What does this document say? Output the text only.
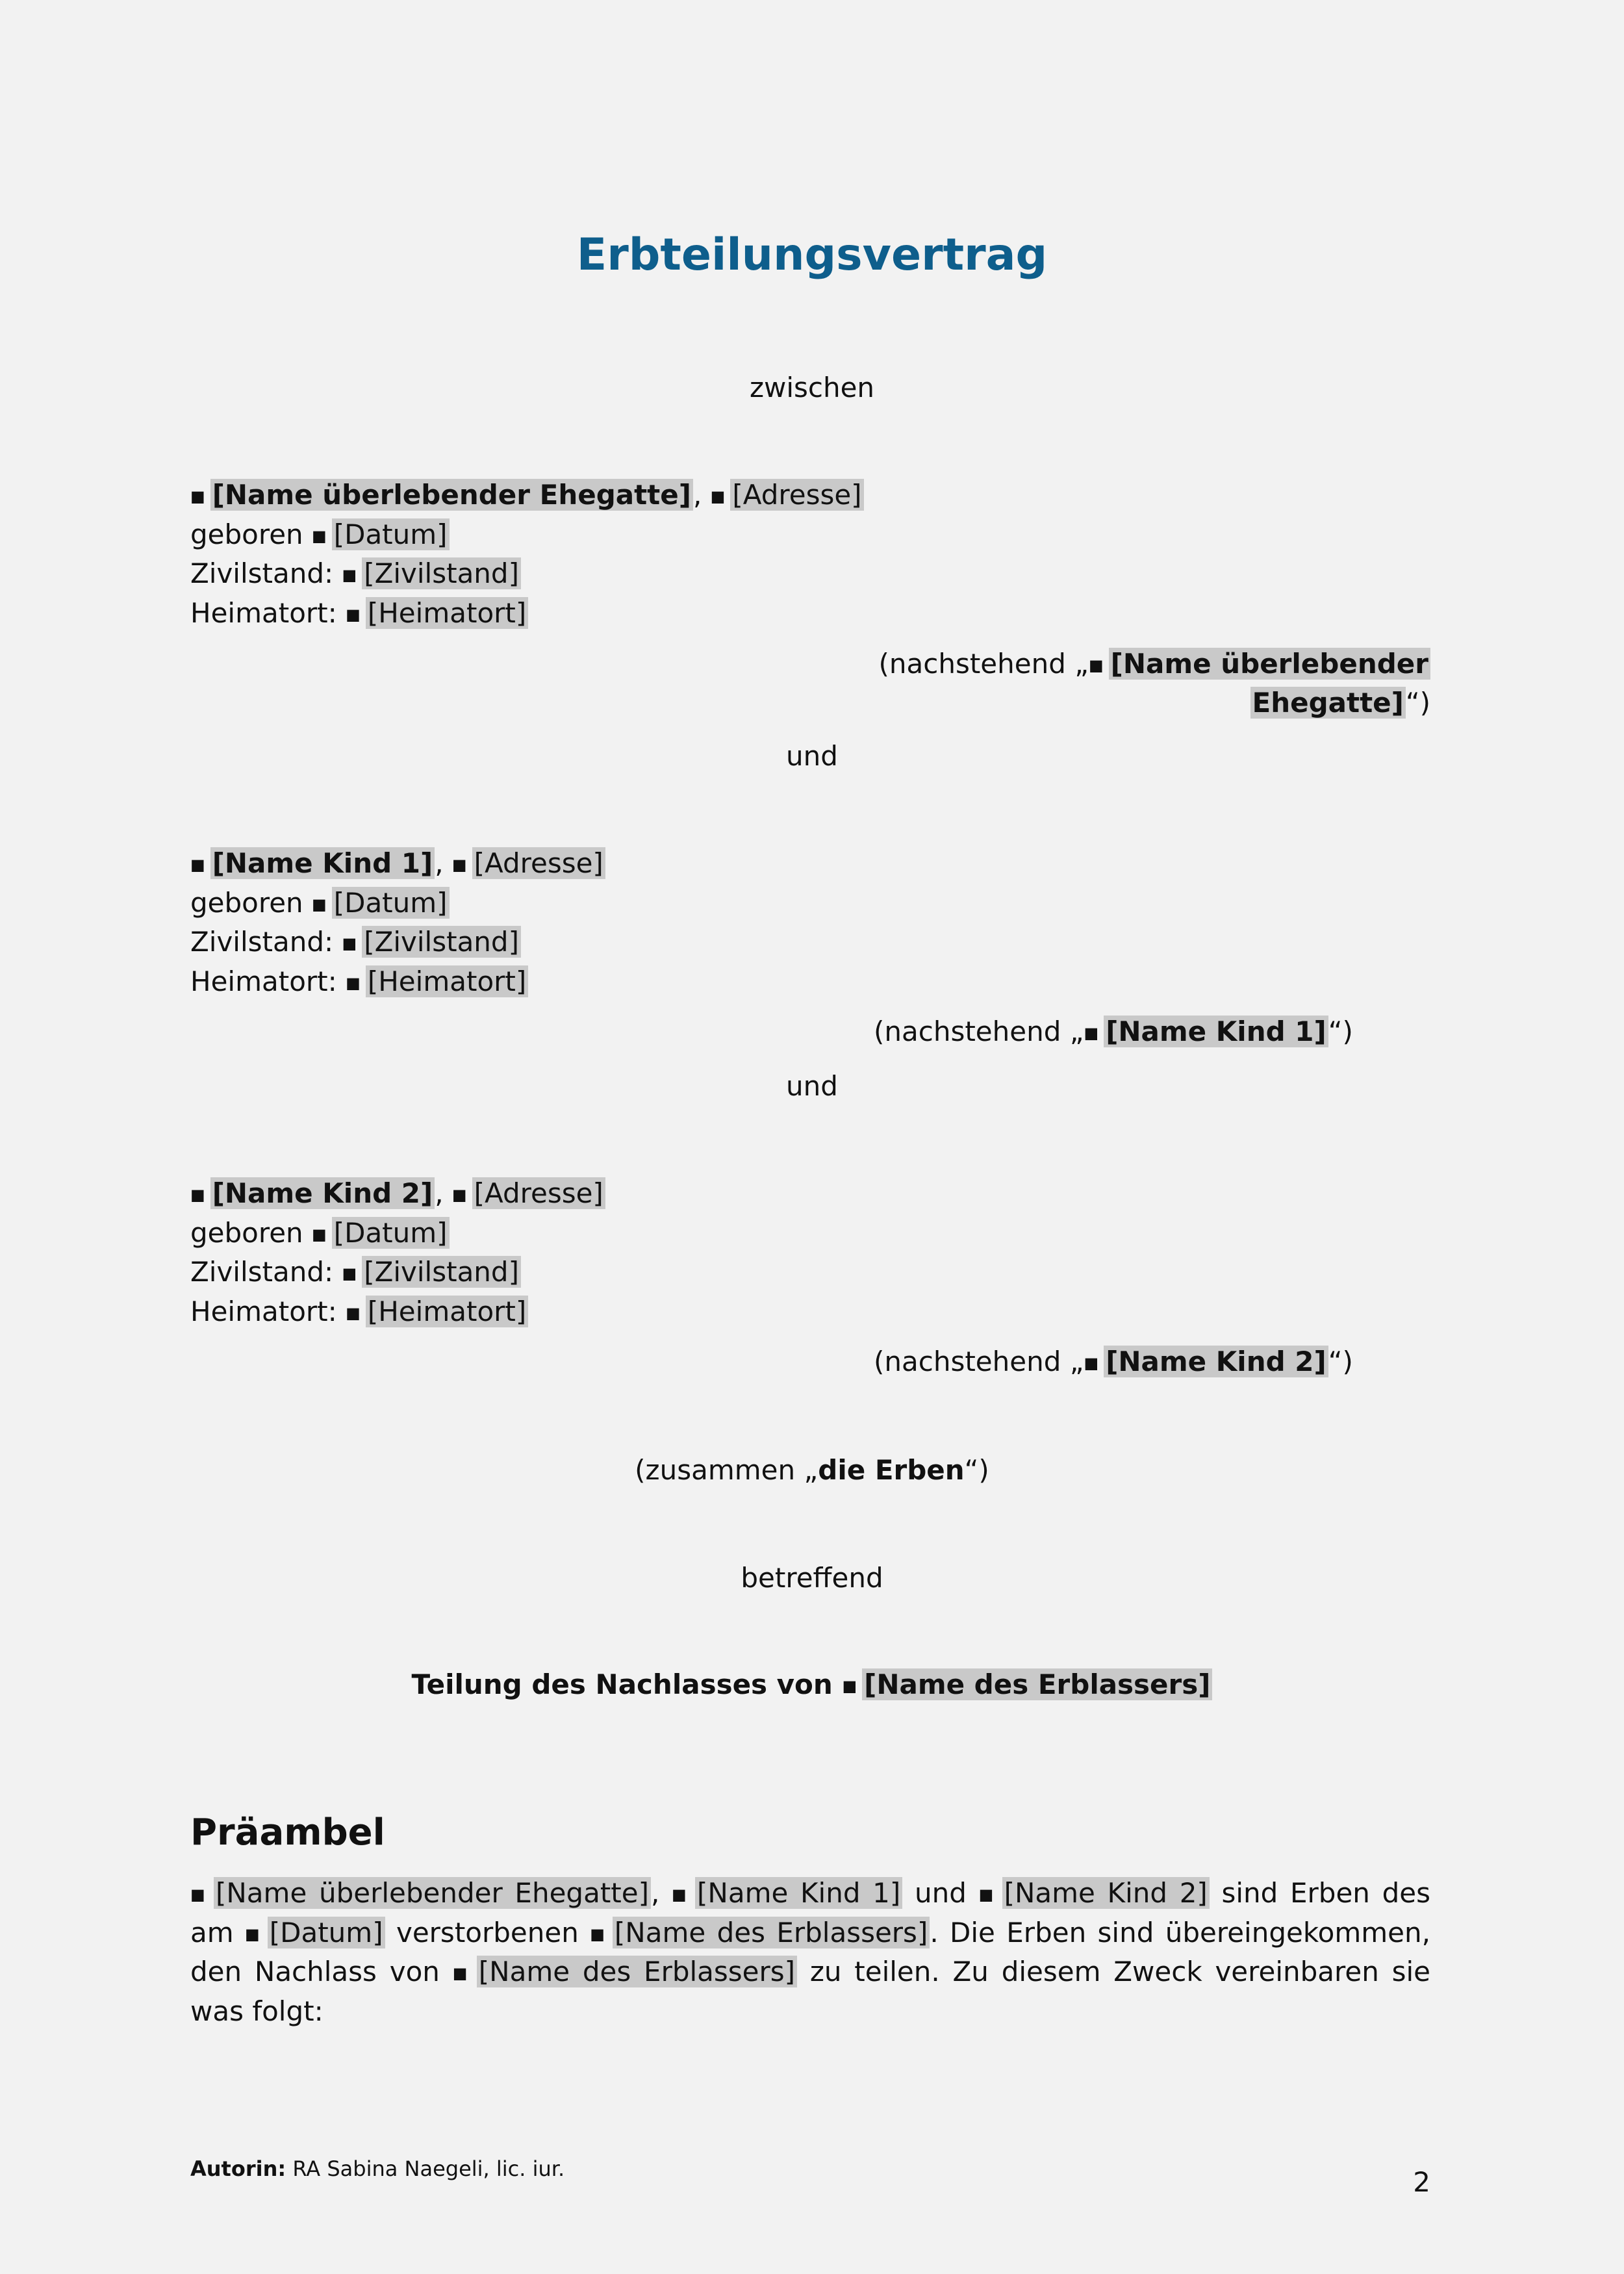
Erbteilungsvertrag
zwischen
■ [Name überlebender Ehegatte], ■ [Adresse]
geboren ■ [Datum]
Zivilstand: ■ [Zivilstand]
Heimatort: ■ [Heimatort]
(nachstehend „■ [Name überlebender
Ehegatte]“)
und
■ [Name Kind 1], ■ [Adresse]
geboren ■ [Datum]
Zivilstand: ■ [Zivilstand]
Heimatort: ■ [Heimatort]
(nachstehend „■ [Name Kind 1]“)
und
■ [Name Kind 2], ■ [Adresse]
geboren ■ [Datum]
Zivilstand: ■ [Zivilstand]
Heimatort: ■ [Heimatort]
(nachstehend „■ [Name Kind 2]“)
(zusammen „die Erben“)
betreffend
Teilung des Nachlasses von ■ [Name des Erblassers]
Präambel
■ [Name überlebender Ehegatte], ■ [Name Kind 1] und ■ [Name Kind 2] sind Erben des am ■ [Datum] verstorbenen ■ [Name des Erblassers]. Die Erben sind übereingekommen, den Nachlass von ■ [Name des Erblassers] zu teilen. Zu diesem Zweck vereinbaren sie was folgt:
Autorin: RA Sabina Naegeli, lic. iur.	2
